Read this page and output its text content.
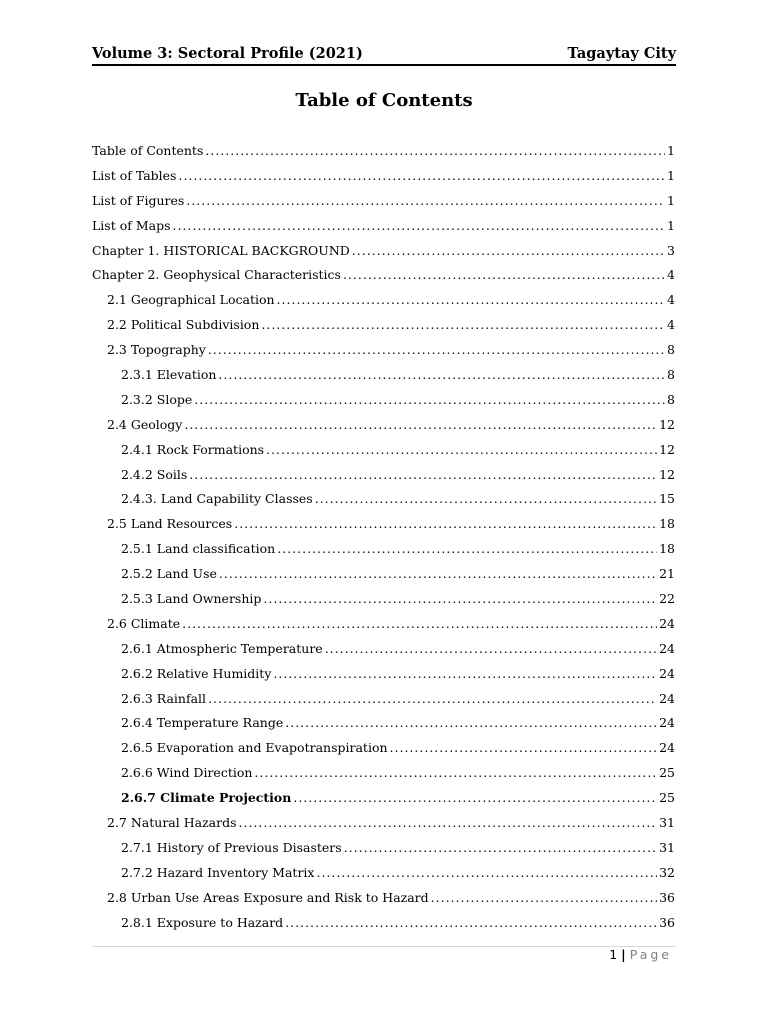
Volume 3: Sectoral Profile (2021)	Tagaytay City
Table of Contents
Table of Contents .....	1
List of Tables .....	1
List of Figures .....	1
List of Maps .....	1
Chapter 1. HISTORICAL BACKGROUND .....	3
Chapter 2. Geophysical Characteristics .....	4
2.1 Geographical Location .....	4
2.2 Political Subdivision .....	4
2.3 Topography .....	8
2.3.1 Elevation .....	8
2.3.2 Slope .....	8
2.4 Geology .....	12
2.4.1 Rock Formations .....	12
2.4.2 Soils .....	12
2.4.3. Land Capability Classes .....	15
2.5 Land Resources .....	18
2.5.1 Land classification .....	18
2.5.2 Land Use .....	21
2.5.3 Land Ownership .....	22
2.6 Climate .....	24
2.6.1 Atmospheric Temperature .....	24
2.6.2 Relative Humidity .....	24
2.6.3 Rainfall .....	24
2.6.4 Temperature Range .....	24
2.6.5 Evaporation and Evapotranspiration .....	24
2.6.6 Wind Direction .....	25
2.6.7 Climate Projection .....	25
2.7 Natural Hazards .....	31
2.7.1 History of Previous Disasters .....	31
2.7.2 Hazard Inventory Matrix .....	32
2.8 Urban Use Areas Exposure and Risk to Hazard .....	36
2.8.1 Exposure to Hazard .....	36
1 | Page
